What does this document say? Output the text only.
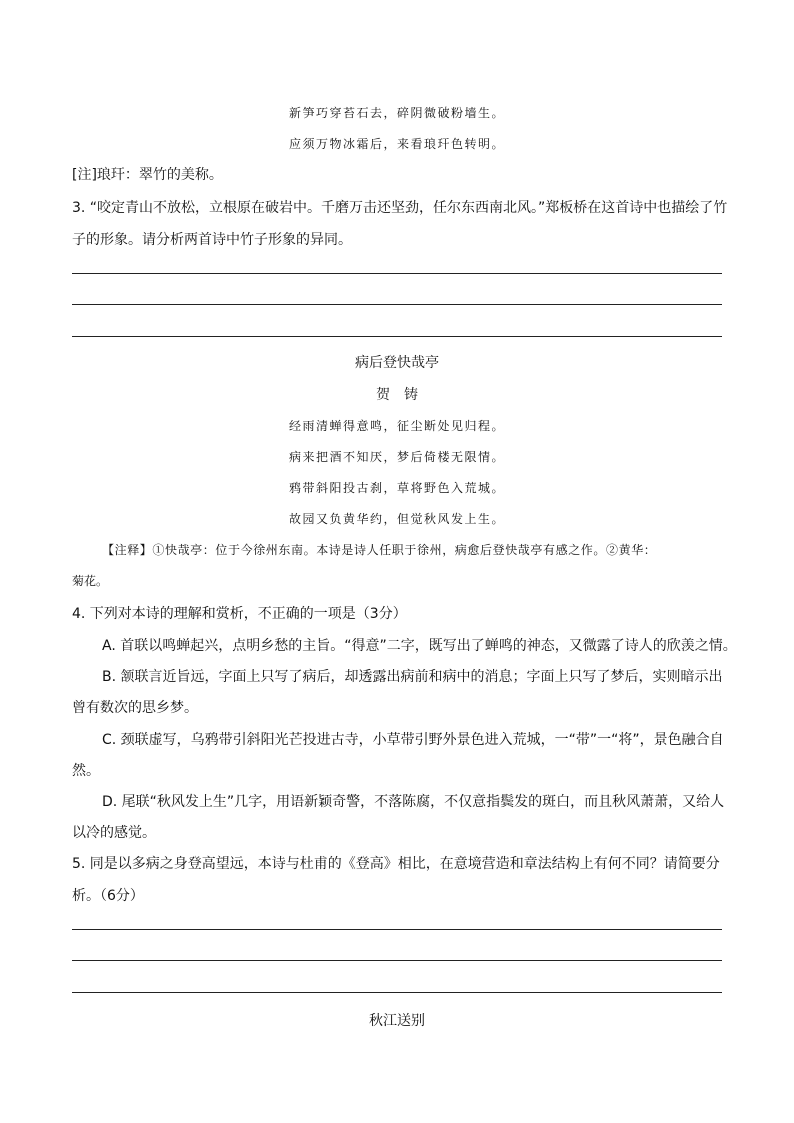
新笋巧穿苔石去，碎阴微破粉墙生。
应须万物冰霜后，来看琅玕色转明。
[注]琅玕：翠竹的美称。
3. “咬定青山不放松，立根原在破岩中。千磨万击还坚劲，任尔东西南北风。”郑板桥在这首诗中也描绘了竹
子的形象。请分析两首诗中竹子形象的异同。
病后登快哉亭
贺　铸
经雨清蝉得意鸣，征尘断处见归程。
病来把酒不知厌，梦后倚楼无限情。
鸦带斜阳投古刹，草将野色入荒城。
故园又负黄华约，但觉秋风发上生。
【注释】①快哉亭：位于今徐州东南。本诗是诗人任职于徐州，病愈后登快哉亭有感之作。②黄华：
菊花。
4. 下列对本诗的理解和赏析，不正确的一项是（3分）
A. 首联以鸣蝉起兴，点明乡愁的主旨。“得意”二字，既写出了蝉鸣的神态，又微露了诗人的欣羡之情。
B. 颔联言近旨远，字面上只写了病后，却透露出病前和病中的消息；字面上只写了梦后，实则暗示出
曾有数次的思乡梦。
C. 颈联虚写，乌鸦带引斜阳光芒投进古寺，小草带引野外景色进入荒城，一“带”一“将”，景色融合自
然。
D. 尾联“秋风发上生”几字，用语新颖奇警，不落陈腐，不仅意指鬓发的斑白，而且秋风萧萧，又给人
以冷的感觉。
5. 同是以多病之身登高望远，本诗与杜甫的《登高》相比，在意境营造和章法结构上有何不同？请简要分
析。（6分）
秋江送别
